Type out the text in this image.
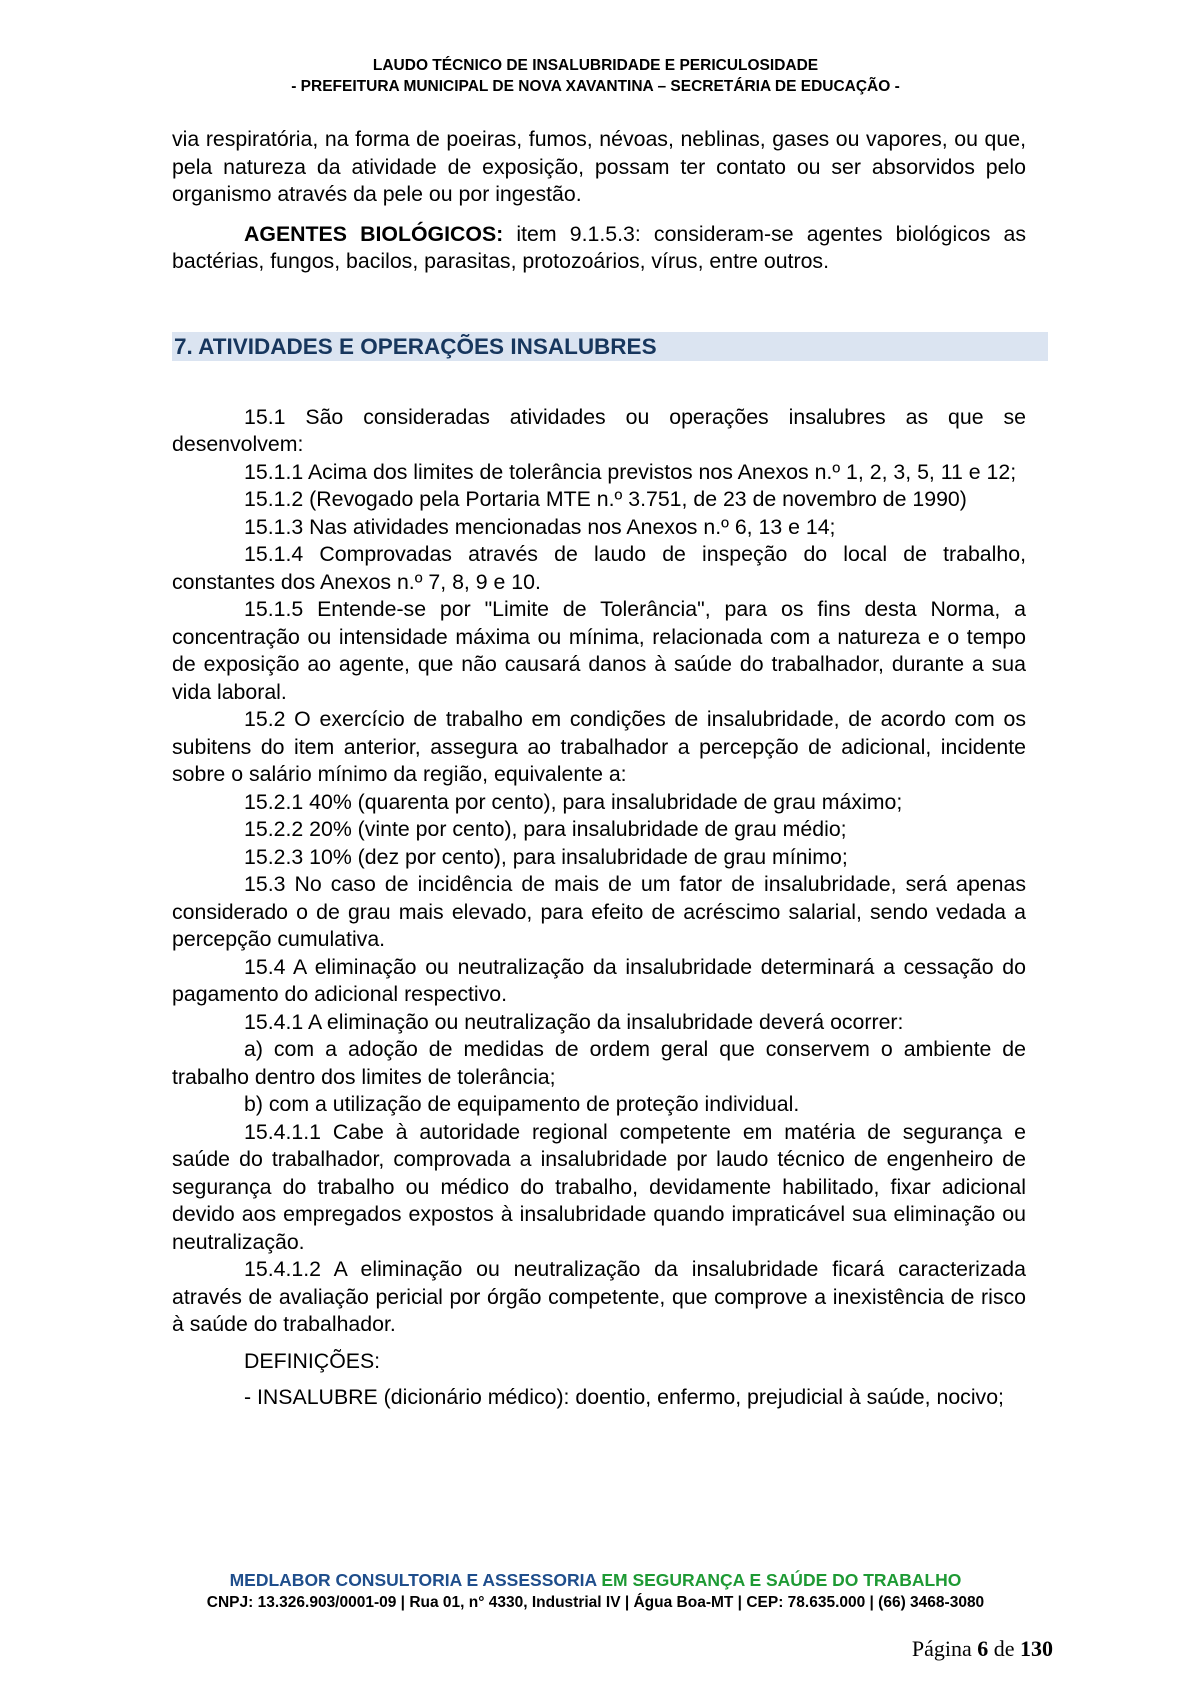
LAUDO TÉCNICO DE INSALUBRIDADE E PERICULOSIDADE
- PREFEITURA MUNICIPAL DE NOVA XAVANTINA – SECRETÁRIA DE EDUCAÇÃO -

via respiratória, na forma de poeiras, fumos, névoas, neblinas, gases ou vapores, ou que, pela natureza da atividade de exposição, possam ter contato ou ser absorvidos pelo organismo através da pele ou por ingestão.

AGENTES BIOLÓGICOS: item 9.1.5.3: consideram-se agentes biológicos as bactérias, fungos, bacilos, parasitas, protozoários, vírus, entre outros.

7. ATIVIDADES E OPERAÇÕES INSALUBRES

15.1 São consideradas atividades ou operações insalubres as que se desenvolvem:

15.1.1 Acima dos limites de tolerância previstos nos Anexos n.º 1, 2, 3, 5, 11 e 12;

15.1.2 (Revogado pela Portaria MTE n.º 3.751, de 23 de novembro de 1990)

15.1.3 Nas atividades mencionadas nos Anexos n.º 6, 13 e 14;

15.1.4 Comprovadas através de laudo de inspeção do local de trabalho, constantes dos Anexos n.º 7, 8, 9 e 10.

15.1.5 Entende-se por "Limite de Tolerância", para os fins desta Norma, a concentração ou intensidade máxima ou mínima, relacionada com a natureza e o tempo de exposição ao agente, que não causará danos à saúde do trabalhador, durante a sua vida laboral.

15.2 O exercício de trabalho em condições de insalubridade, de acordo com os subitens do item anterior, assegura ao trabalhador a percepção de adicional, incidente sobre o salário mínimo da região, equivalente a:

15.2.1 40% (quarenta por cento), para insalubridade de grau máximo;

15.2.2 20% (vinte por cento), para insalubridade de grau médio;

15.2.3 10% (dez por cento), para insalubridade de grau mínimo;

15.3 No caso de incidência de mais de um fator de insalubridade, será apenas considerado o de grau mais elevado, para efeito de acréscimo salarial, sendo vedada a percepção cumulativa.

15.4 A eliminação ou neutralização da insalubridade determinará a cessação do pagamento do adicional respectivo.

15.4.1 A eliminação ou neutralização da insalubridade deverá ocorrer:

a) com a adoção de medidas de ordem geral que conservem o ambiente de trabalho dentro dos limites de tolerância;

b) com a utilização de equipamento de proteção individual.

15.4.1.1 Cabe à autoridade regional competente em matéria de segurança e saúde do trabalhador, comprovada a insalubridade por laudo técnico de engenheiro de segurança do trabalho ou médico do trabalho, devidamente habilitado, fixar adicional devido aos empregados expostos à insalubridade quando impraticável sua eliminação ou neutralização.

15.4.1.2 A eliminação ou neutralização da insalubridade ficará caracterizada através de avaliação pericial por órgão competente, que comprove a inexistência de risco à saúde do trabalhador.

DEFINIÇÕES:

- INSALUBRE (dicionário médico): doentio, enfermo, prejudicial à saúde, nocivo;

MEDLABOR CONSULTORIA E ASSESSORIA EM SEGURANÇA E SAÚDE DO TRABALHO
CNPJ: 13.326.903/0001-09 | Rua 01, n° 4330, Industrial IV | Água Boa-MT | CEP: 78.635.000 | (66) 3468-3080
Página 6 de 130
